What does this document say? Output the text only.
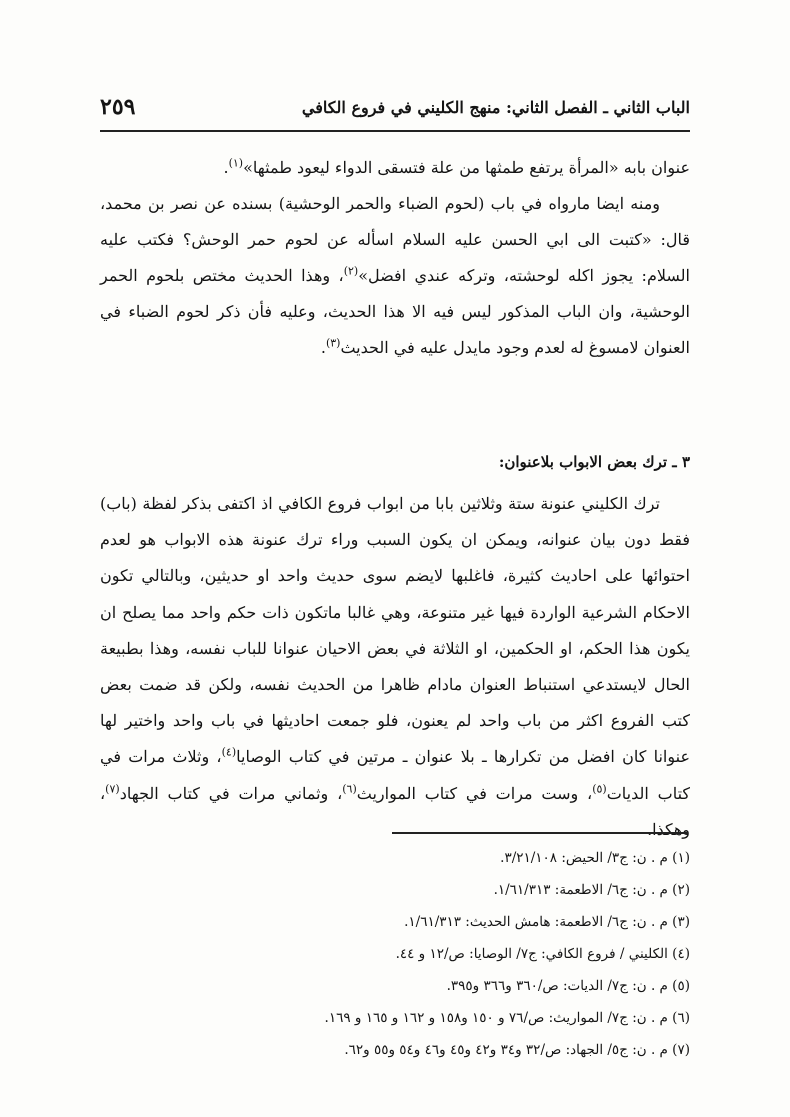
الباب الثاني ـ الفصل الثاني: منهج الكليني في فروع الكافي
٢٥٩

عنوان بابه «المرأة يرتفع طمثها من علة فتسقى الدواء ليعود طمثها»$^{(١)}$.

ومنه ايضا مارواه في باب (لحوم الضباء والحمر الوحشية) بسنده عن نصر بن محمد، قال: «كتبت الى ابي الحسن عليه السلام اسأله عن لحوم حمر الوحش؟ فكتب عليه السلام: يجوز اكله لوحشته، وتركه عندي افضل»$^{(٢)}$، وهذا الحديث مختص بلحوم الحمر الوحشية، وان الباب المذكور ليس فيه الا هذا الحديث، وعليه فأن ذكر لحوم الضباء في العنوان لامسوغ له لعدم وجود مايدل عليه في الحديث$^{(٣)}$.

٣ ـ ترك بعض الابواب بلاعنوان:

ترك الكليني عنونة ستة وثلاثين بابا من ابواب فروع الكافي اذ اكتفى بذكر لفظة (باب) فقط دون بيان عنوانه، ويمكن ان يكون السبب وراء ترك عنونة هذه الابواب هو لعدم احتوائها على احاديث كثيرة، فاغلبها لايضم سوى حديث واحد او حديثين، وبالتالي تكون الاحكام الشرعية الواردة فيها غير متنوعة، وهي غالبا ماتكون ذات حكم واحد مما يصلح ان يكون هذا الحكم، او الحكمين، او الثلاثة في بعض الاحيان عنوانا للباب نفسه، وهذا بطبيعة الحال لايستدعي استنباط العنوان مادام ظاهرا من الحديث نفسه، ولكن قد ضمت بعض كتب الفروع اكثر من باب واحد لم يعنون، فلو جمعت احاديثها في باب واحد واختير لها عنوانا كان افضل من تكرارها ـ بلا عنوان ـ مرتين في كتاب الوصايا$^{(٤)}$، وثلاث مرات في كتاب الديات$^{(٥)}$، وست مرات في كتاب المواريث$^{(٦)}$، وثماني مرات في كتاب الجهاد$^{(٧)}$، وهكذا.

(١) م . ن: ج٣/ الحيض: ٣/٢١/١٠٨.
(٢) م . ن: ج٦/ الاطعمة: ١/٦١/٣١٣.
(٣) م . ن: ج٦/ الاطعمة: هامش الحديث: ١/٦١/٣١٣.
(٤) الكليني / فروع الكافي: ج٧/ الوصايا: ص/١٢ و ٤٤.
(٥) م . ن: ج٧/ الديات: ص/٣٦٠ و٣٦٦ و٣٩٥.
(٦) م . ن: ج٧/ المواريث: ص/٧٦ و ١٥٠ و١٥٨ و ١٦٢ و ١٦٥ و ١٦٩.
(٧) م . ن: ج٥/ الجهاد: ص/٣٢ و٣٤ و٤٢ و٤٥ و٤٦ و٥٤ و٥٥ و٦٢.
